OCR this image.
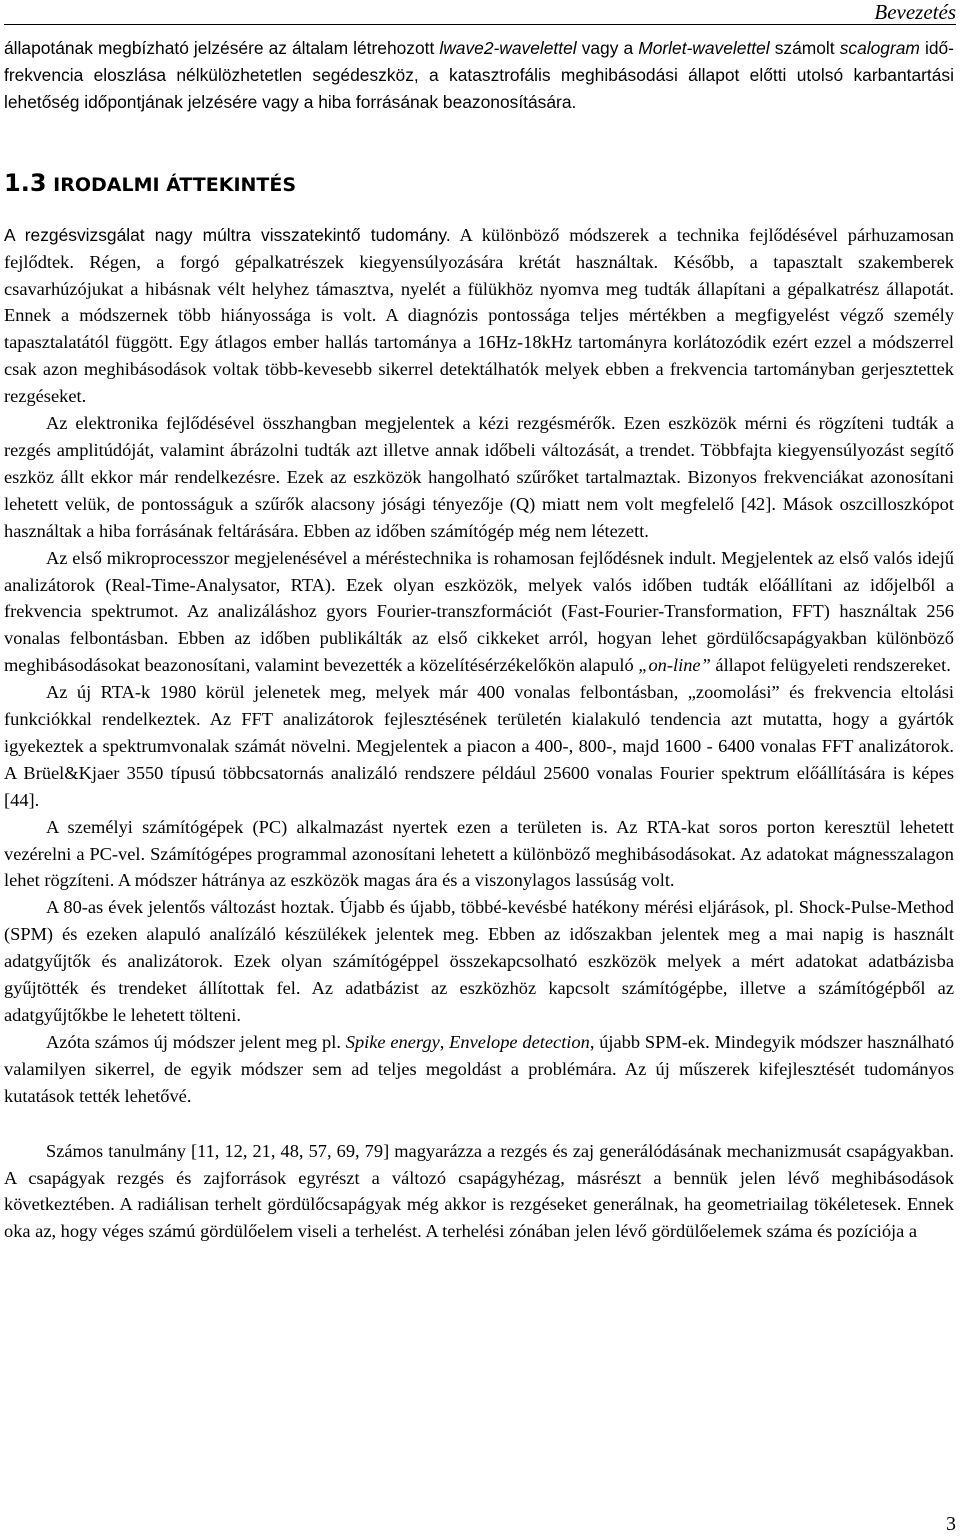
Bevezetés

állapotának megbízható jelzésére az általam létrehozott lwave2-wavelettel vagy a Morlet-wavelettel számolt scalogram idő-frekvencia eloszlása nélkülözhetetlen segédeszköz, a katasztrofális meghibásodási állapot előtti utolsó karbantartási lehetőség időpontjának jelzésére vagy a hiba forrásának beazonosítására.

1.3 IRODALMI ÁTTEKINTÉS

A rezgésvizsgálat nagy múltra visszatekintő tudomány. A különböző módszerek a technika fejlődésével párhuzamosan fejlődtek. Régen, a forgó gépalkatrészek kiegyensúlyozására krétát használtak. Később, a tapasztalt szakemberek csavarhúzójukat a hibásnak vélt helyhez támasztva, nyelét a fülükhöz nyomva meg tudták állapítani a gépalkatrész állapotát. Ennek a módszernek több hiányossága is volt. A diagnózis pontossága teljes mértékben a megfigyelést végző személy tapasztalatától függött. Egy átlagos ember hallás tartománya a 16Hz-18kHz tartományra korlátozódik ezért ezzel a módszerrel csak azon meghibásodások voltak több-kevesebb sikerrel detektálhatók melyek ebben a frekvencia tartományban gerjesztettek rezgéseket.

Az elektronika fejlődésével összhangban megjelentek a kézi rezgésmérők. Ezen eszközök mérni és rögzíteni tudták a rezgés amplitúdóját, valamint ábrázolni tudták azt illetve annak időbeli változását, a trendet. Többfajta kiegyensúlyozást segítő eszköz állt ekkor már rendelkezésre. Ezek az eszközök hangolható szűrőket tartalmaztak. Bizonyos frekvenciákat azonosítani lehetett velük, de pontosságuk a szűrők alacsony jósági tényezője (Q) miatt nem volt megfelelő [42]. Mások oszcilloszkópot használtak a hiba forrásának feltárására. Ebben az időben számítógép még nem létezett.

Az első mikroprocesszor megjelenésével a méréstechnika is rohamosan fejlődésnek indult. Megjelentek az első valós idejű analizátorok (Real-Time-Analysator, RTA). Ezek olyan eszközök, melyek valós időben tudták előállítani az időjelből a frekvencia spektrumot. Az analizáláshoz gyors Fourier-transzformációt (Fast-Fourier-Transformation, FFT) használtak 256 vonalas felbontásban. Ebben az időben publikálták az első cikkeket arról, hogyan lehet gördülőcsapágyakban különböző meghibásodásokat beazonosítani, valamint bevezették a közelítésérzékelőkön alapuló „on-line” állapot felügyeleti rendszereket.

Az új RTA-k 1980 körül jelenetek meg, melyek már 400 vonalas felbontásban, „zoomolási” és frekvencia eltolási funkciókkal rendelkeztek. Az FFT analizátorok fejlesztésének területén kialakuló tendencia azt mutatta, hogy a gyártók igyekeztek a spektrumvonalak számát növelni. Megjelentek a piacon a 400-, 800-, majd 1600 - 6400 vonalas FFT analizátorok. A Brüel&Kjaer 3550 típusú többcsatornás analizáló rendszere például 25600 vonalas Fourier spektrum előállítására is képes [44].

A személyi számítógépek (PC) alkalmazást nyertek ezen a területen is. Az RTA-kat soros porton keresztül lehetett vezérelni a PC-vel. Számítógépes programmal azonosítani lehetett a különböző meghibásodásokat. Az adatokat mágnesszalagon lehet rögzíteni. A módszer hátránya az eszközök magas ára és a viszonylagos lassúság volt.

A 80-as évek jelentős változást hoztak. Újabb és újabb, többé-kevésbé hatékony mérési eljárások, pl. Shock-Pulse-Method (SPM) és ezeken alapuló analízáló készülékek jelentek meg. Ebben az időszakban jelentek meg a mai napig is használt adatgyűjtők és analizátorok. Ezek olyan számítógéppel összekapcsolható eszközök melyek a mért adatokat adatbázisba gyűjtötték és trendeket állítottak fel. Az adatbázist az eszközhöz kapcsolt számítógépbe, illetve a számítógépből az adatgyűjtőkbe le lehetett tölteni.

Azóta számos új módszer jelent meg pl. Spike energy, Envelope detection, újabb SPM-ek. Mindegyik módszer használható valamilyen sikerrel, de egyik módszer sem ad teljes megoldást a problémára. Az új műszerek kifejlesztését tudományos kutatások tették lehetővé.

Számos tanulmány [11, 12, 21, 48, 57, 69, 79] magyarázza a rezgés és zaj generálódásának mechanizmusát csapágyakban. A csapágyak rezgés és zajforrások egyrészt a változó csapágyhézag, másrészt a bennük jelen lévő meghibásodások következtében. A radiálisan terhelt gördülőcsapágyak még akkor is rezgéseket generálnak, ha geometriailag tökéletesek. Ennek oka az, hogy véges számú gördülőelem viseli a terhelést. A terhelési zónában jelen lévő gördülőelemek száma és pozíciója a

3
